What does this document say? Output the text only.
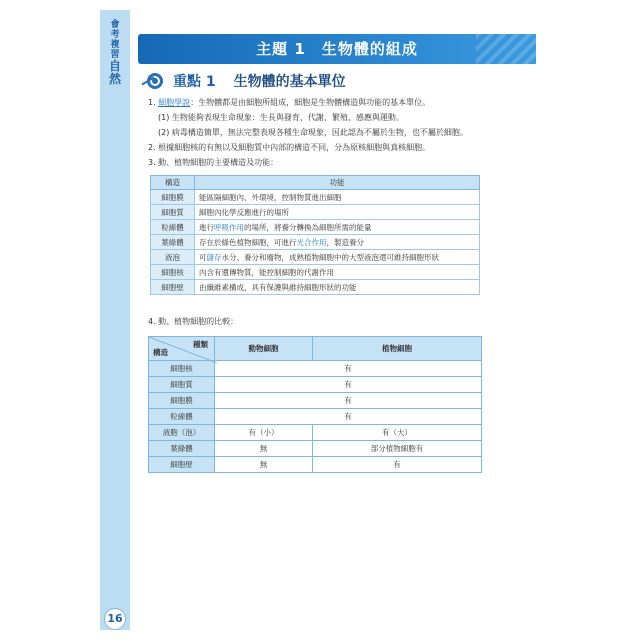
會考複習
自然
16
主題 1　生物體的組成
重點 1 生物體的基本單位
1. 細胞學說：生物體都是由細胞所組成，細胞是生物體構造與功能的基本單位。
(1) 生物能夠表現生命現象：生長與發育、代謝、繁殖、感應與運動。
(2) 病毒構造簡單，無法完整表現各種生命現象，因此認為不屬於生物，也不屬於細胞。
2. 根據細胞核的有無以及細胞質中內部的構造不同，分為原核細胞與真核細胞。
3. 動、植物細胞的主要構造及功能：
構造	功能
細胞膜	能區隔細胞內、外環境，控制物質進出細胞
細胞質	細胞內化學反應進行的場所
粒線體	進行呼吸作用的場所，將養分轉換為細胞所需的能量
葉綠體	存在於綠色植物細胞，可進行光合作用，製造養分
液泡	可儲存水分、養分和廢物，成熟植物細胞中的大型液泡還可維持細胞形狀
細胞核	內含有遺傳物質，能控制細胞的代謝作用
細胞壁	由纖維素構成，具有保護與維持細胞形狀的功能
4. 動、植物細胞的比較：
種類
構造	動物細胞	植物細胞
細胞核	有	
細胞質	有	
細胞膜	有	
粒線體	有	
液胞（泡）	有（小）	有（大）
葉綠體	無	部分植物細胞有
細胞壁	無	有
